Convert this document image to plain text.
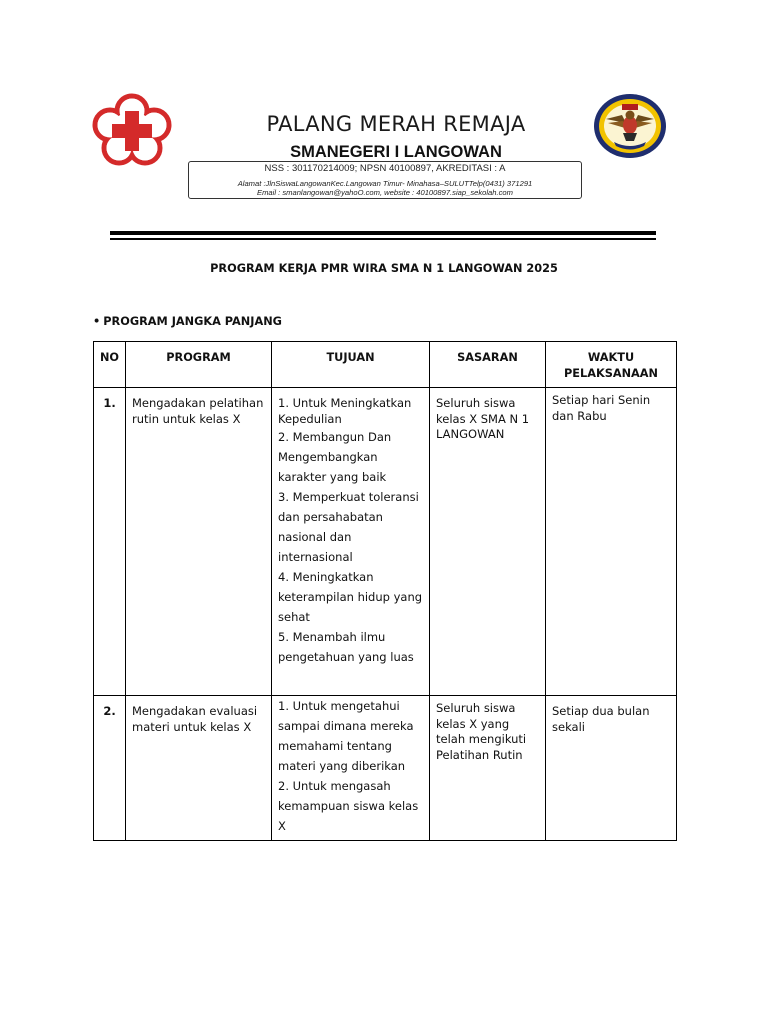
PALANG MERAH REMAJA
SMANEGERI I LANGOWAN
NSS : 301170214009; NPSN 40100897, AKREDITASI : A
Alamat :JlnSiswaLangowanKec.Langowan Timur- Minahasa–SULUTTelp(0431) 371291
Email : smanlangowan@yahoO.com, website : 40100897.siap_sekolah.com
PROGRAM KERJA PMR WIRA SMA N 1 LANGOWAN 2025
• PROGRAM JANGKA PANJANG
NO	PROGRAM	TUJUAN	SASARAN	WAKTU PELAKSANAAN
1.	Mengadakan pelatihan rutin untuk kelas X	1. Untuk Meningkatkan Kepedulian

2. Membangun Dan Mengembangkan karakter yang baik

3. Memperkuat toleransi dan persahabatan nasional dan internasional

4. Meningkatkan keterampilan hidup yang sehat

5. Menambah ilmu pengetahuan yang luas	Seluruh siswa kelas X SMA N 1 LANGOWAN	Setiap hari Senin dan Rabu
2.	Mengadakan evaluasi materi untuk kelas X	1. Untuk mengetahui sampai dimana mereka memahami tentang materi yang diberikan

2. Untuk mengasah kemampuan siswa kelas X	Seluruh siswa kelas X yang telah mengikuti Pelatihan Rutin	Setiap dua bulan sekali
